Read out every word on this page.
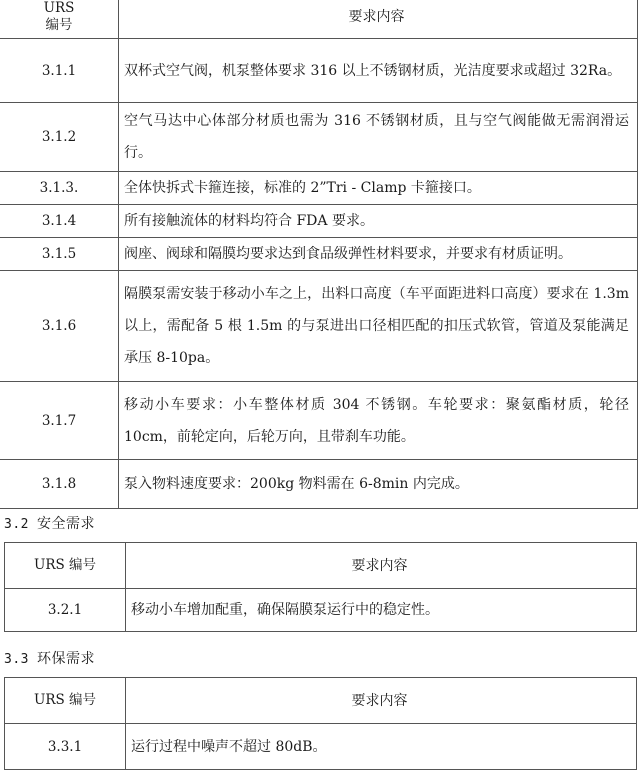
URS
编号	要求内容
3.1.1	双杯式空气阀，机泵整体要求 316 以上不锈钢材质，光洁度要求或超过 32Ra。
3.1.2	空气马达中心体部分材质也需为 316 不锈钢材质，且与空气阀能做无需润滑运行。
3.1.3.	全体快拆式卡箍连接，标准的 2”Tri - Clamp 卡箍接口。
3.1.4	所有接触流体的材料均符合 FDA 要求。
3.1.5	阀座、阀球和隔膜均要求达到食品级弹性材料要求，并要求有材质证明。
3.1.6	隔膜泵需安装于移动小车之上，出料口高度（车平面距进料口高度）要求在 1.3m 以上，需配备 5 根 1.5m 的与泵进出口径相匹配的扣压式软管，管道及泵能满足承压 8-10pa。
3.1.7	移动小车要求：小车整体材质 304 不锈钢。车轮要求：聚氨酯材质，轮径 10cm，前轮定向，后轮万向，且带刹车功能。
3.1.8	泵入物料速度要求：200kg 物料需在 6-8min 内完成。
3.2 安全需求
URS 编号	要求内容
3.2.1	移动小车增加配重，确保隔膜泵运行中的稳定性。
3.3 环保需求
URS 编号	要求内容
3.3.1	运行过程中噪声不超过 80dB。
